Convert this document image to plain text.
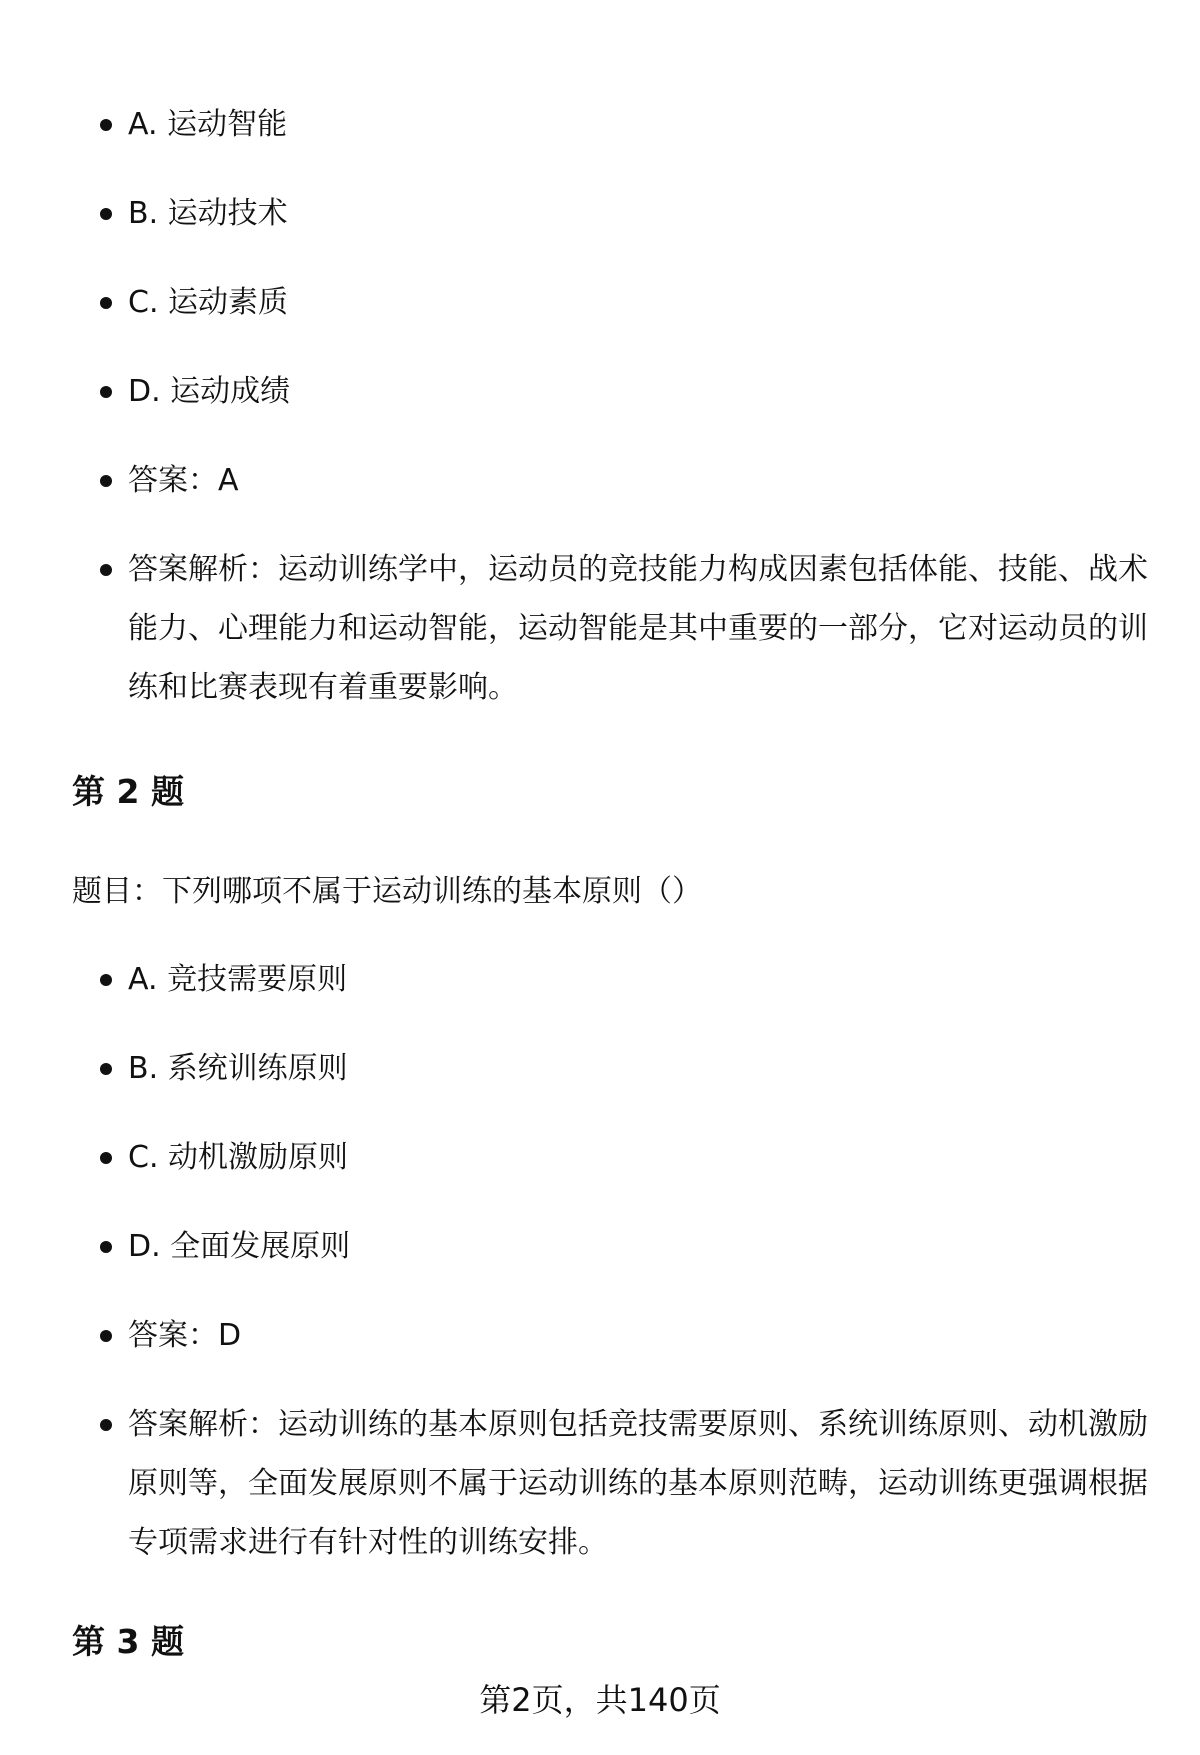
A. 运动智能
B. 运动技术
C. 运动素质
D. 运动成绩
答案：A
答案解析：运动训练学中，运动员的竞技能力构成因素包括体能、技能、战术能力、心理能力和运动智能，运动智能是其中重要的一部分，它对运动员的训练和比赛表现有着重要影响。
第 2 题

题目：下列哪项不属于运动训练的基本原则（）

A. 竞技需要原则
B. 系统训练原则
C. 动机激励原则
D. 全面发展原则
答案：D
答案解析：运动训练的基本原则包括竞技需要原则、系统训练原则、动机激励原则等，全面发展原则不属于运动训练的基本原则范畴，运动训练更强调根据专项需求进行有针对性的训练安排。
第 3 题
第2页，共140页
